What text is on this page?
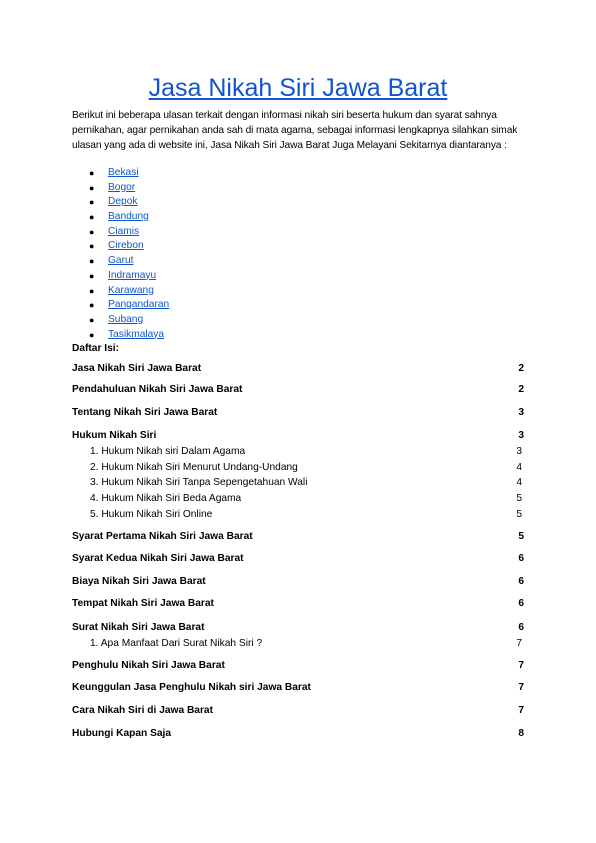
Jasa Nikah Siri Jawa Barat

Berikut ini beberapa ulasan terkait dengan informasi nikah siri beserta hukum dan syarat sahnya pernikahan, agar pernikahan anda sah di mata agama, sebagai informasi lengkapnya silahkan simak ulasan yang ada di website ini, Jasa Nikah Siri Jawa Barat Juga Melayani Sekitarnya diantaranya :

● Bekasi
● Bogor
● Depok
● Bandung
● Ciamis
● Cirebon
● Garut
● Indramayu
● Karawang
● Pangandaran
● Subang
● Tasikmalaya

Daftar Isi:

Jasa Nikah Siri Jawa Barat	2
Pendahuluan Nikah Siri Jawa Barat	2
Tentang Nikah Siri Jawa Barat	3
Hukum Nikah Siri	3
1. Hukum Nikah siri Dalam Agama	3
2. Hukum Nikah Siri Menurut Undang-Undang	4
3. Hukum Nikah Siri Tanpa Sepengetahuan Wali	4
4. Hukum Nikah Siri Beda Agama	5
5. Hukum Nikah Siri Online	5
Syarat Pertama Nikah Siri Jawa Barat	5
Syarat Kedua Nikah Siri Jawa Barat	6
Biaya Nikah Siri Jawa Barat	6
Tempat Nikah Siri Jawa Barat	6
Surat Nikah Siri Jawa Barat	6
1. Apa Manfaat Dari Surat Nikah Siri ?	7
Penghulu Nikah Siri Jawa Barat	7
Keunggulan Jasa Penghulu Nikah siri Jawa Barat	7
Cara Nikah Siri di Jawa Barat	7
Hubungi Kapan Saja	8
